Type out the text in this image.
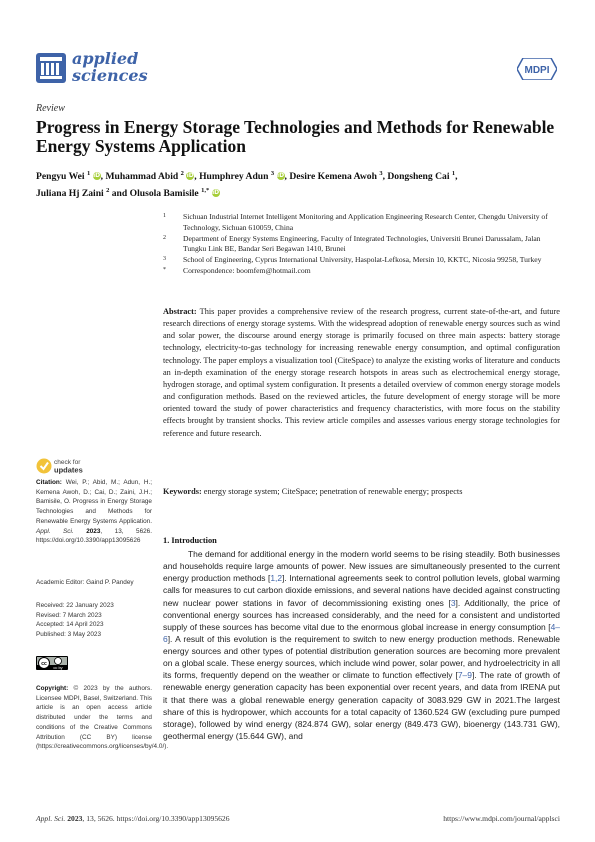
applied
sciences	MDPI
Review
Progress in Energy Storage Technologies and Methods for Renewable Energy Systems Application
Pengyu Wei $^1$ iD, Muhammad Abid $^2$ iD, Humphrey Adun $^3$ iD, Desire Kemena Awoh $^3$, Dongsheng Cai $^1$,
Juliana Hj Zaini $^2$ and Olusola Bamisile $^{1,*}$ iD
1 Sichuan Industrial Internet Intelligent Monitoring and Application Engineering Research Center, Chengdu University of Technology, Sichuan 610059, China
2 Department of Energy Systems Engineering, Faculty of Integrated Technologies, Universiti Brunei Darussalam, Jalan Tungku Link BE, Bandar Seri Begawan 1410, Brunei
3 School of Engineering, Cyprus International University, Haspolat-Lefkosa, Mersin 10, KKTC, Nicosia 99258, Turkey
* Correspondence: boomfem@hotmail.com
Abstract: This paper provides a comprehensive review of the research progress, current state-of-the-art, and future research directions of energy storage systems. With the widespread adoption of renewable energy sources such as wind and solar power, the discourse around energy storage is primarily focused on three main aspects: battery storage technology, electricity-to-gas technology for increasing renewable energy consumption, and optimal configuration technology. The paper employs a visualization tool (CiteSpace) to analyze the existing works of literature and conducts an in-depth examination of the energy storage research hotspots in areas such as electrochemical energy storage, hydrogen storage, and optimal system configuration. It presents a detailed overview of common energy storage models and configuration methods. Based on the reviewed articles, the future development of energy storage will be more oriented toward the study of power characteristics and frequency characteristics, with more focus on the stability effects brought by transient shocks. This review article compiles and assesses various energy storage technologies for reference and future research.
Keywords: energy storage system; CiteSpace; penetration of renewable energy; prospects
check for
updates
Citation: Wei, P.; Abid, M.; Adun, H.; Kemena Awoh, D.; Cai, D.; Zaini, J.H.; Bamisile, O. Progress in Energy Storage Technologies and Methods for Renewable Energy Systems Application. Appl. Sci. 2023, 13, 5626. https://doi.org/10.3390/app13095626
Academic Editor: Gaind P. Pandey
Received: 22 January 2023
Revised: 7 March 2023
Accepted: 14 April 2023
Published: 3 May 2023
cc
cc by
Copyright: © 2023 by the authors. Licensee MDPI, Basel, Switzerland. This article is an open access article distributed under the terms and conditions of the Creative Commons Attribution (CC BY) license (https://creativecommons.org/licenses/by/4.0/).
1. Introduction

The demand for additional energy in the modern world seems to be rising steadily. Both businesses and households require large amounts of power. New issues are simultaneously presented to the current energy production methods [1,2]. International agreements seek to control pollution levels, global warming calls for measures to cut carbon dioxide emissions, and several nations have decided against constructing new nuclear power stations in favor of decommissioning existing ones [3]. Additionally, the price of conventional energy sources has increased considerably, and the need for a consistent and undistorted supply of these sources has become vital due to the enormous global increase in energy consumption [4–6]. A result of this evolution is the requirement to switch to new energy production methods. Renewable energy sources and other types of potential distribution generation sources are becoming more prevalent on a global scale. These energy sources, which include wind power, solar power, and hydroelectricity in all its forms, frequently depend on the weather or climate to function effectively [7–9]. The rate of growth of renewable energy generation capacity has been exponential over recent years, and data from IRENA put it that there was a global renewable energy generation capacity of 3083.929 GW in 2021.The largest share of this is hydropower, which accounts for a total capacity of 1360.524 GW (excluding pure pumped storage), followed by wind energy (824.874 GW), solar energy (849.473 GW), bioenergy (143.731 GW), geothermal energy (15.644 GW), and

Appl. Sci. 2023, 13, 5626. https://doi.org/10.3390/app13095626	https://www.mdpi.com/journal/applsci
